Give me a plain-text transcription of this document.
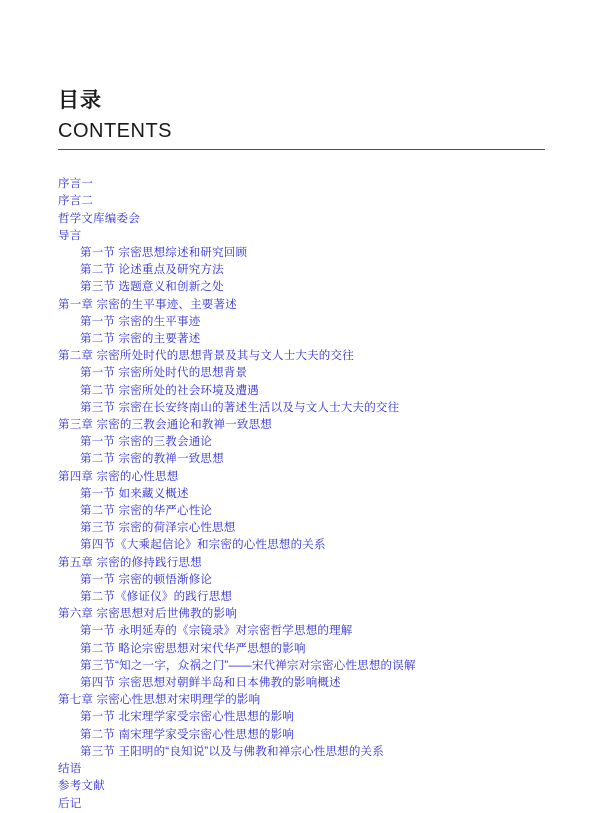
目录
CONTENTS
序言一
序言二
哲学文库编委会
导言
第一节 宗密思想综述和研究回顾
第二节 论述重点及研究方法
第三节 选题意义和创新之处
第一章 宗密的生平事迹、主要著述
第一节 宗密的生平事迹
第二节 宗密的主要著述
第二章 宗密所处时代的思想背景及其与文人士大夫的交往
第一节 宗密所处时代的思想背景
第二节 宗密所处的社会环境及遭遇
第三节 宗密在长安终南山的著述生活以及与文人士大夫的交往
第三章 宗密的三教会通论和教禅一致思想
第一节 宗密的三教会通论
第二节 宗密的教禅一致思想
第四章 宗密的心性思想
第一节 如来藏义概述
第二节 宗密的华严心性论
第三节 宗密的荷泽宗心性思想
第四节《大乘起信论》和宗密的心性思想的关系
第五章 宗密的修持践行思想
第一节 宗密的顿悟渐修论
第二节《修证仪》的践行思想
第六章 宗密思想对后世佛教的影响
第一节 永明延寿的《宗镜录》对宗密哲学思想的理解
第二节 略论宗密思想对宋代华严思想的影响
第三节“知之一字，众祸之门”——宋代禅宗对宗密心性思想的误解
第四节 宗密思想对朝鲜半岛和日本佛教的影响概述
第七章 宗密心性思想对宋明理学的影响
第一节 北宋理学家受宗密心性思想的影响
第二节 南宋理学家受宗密心性思想的影响
第三节 王阳明的“良知说”以及与佛教和禅宗心性思想的关系
结语
参考文献
后记
